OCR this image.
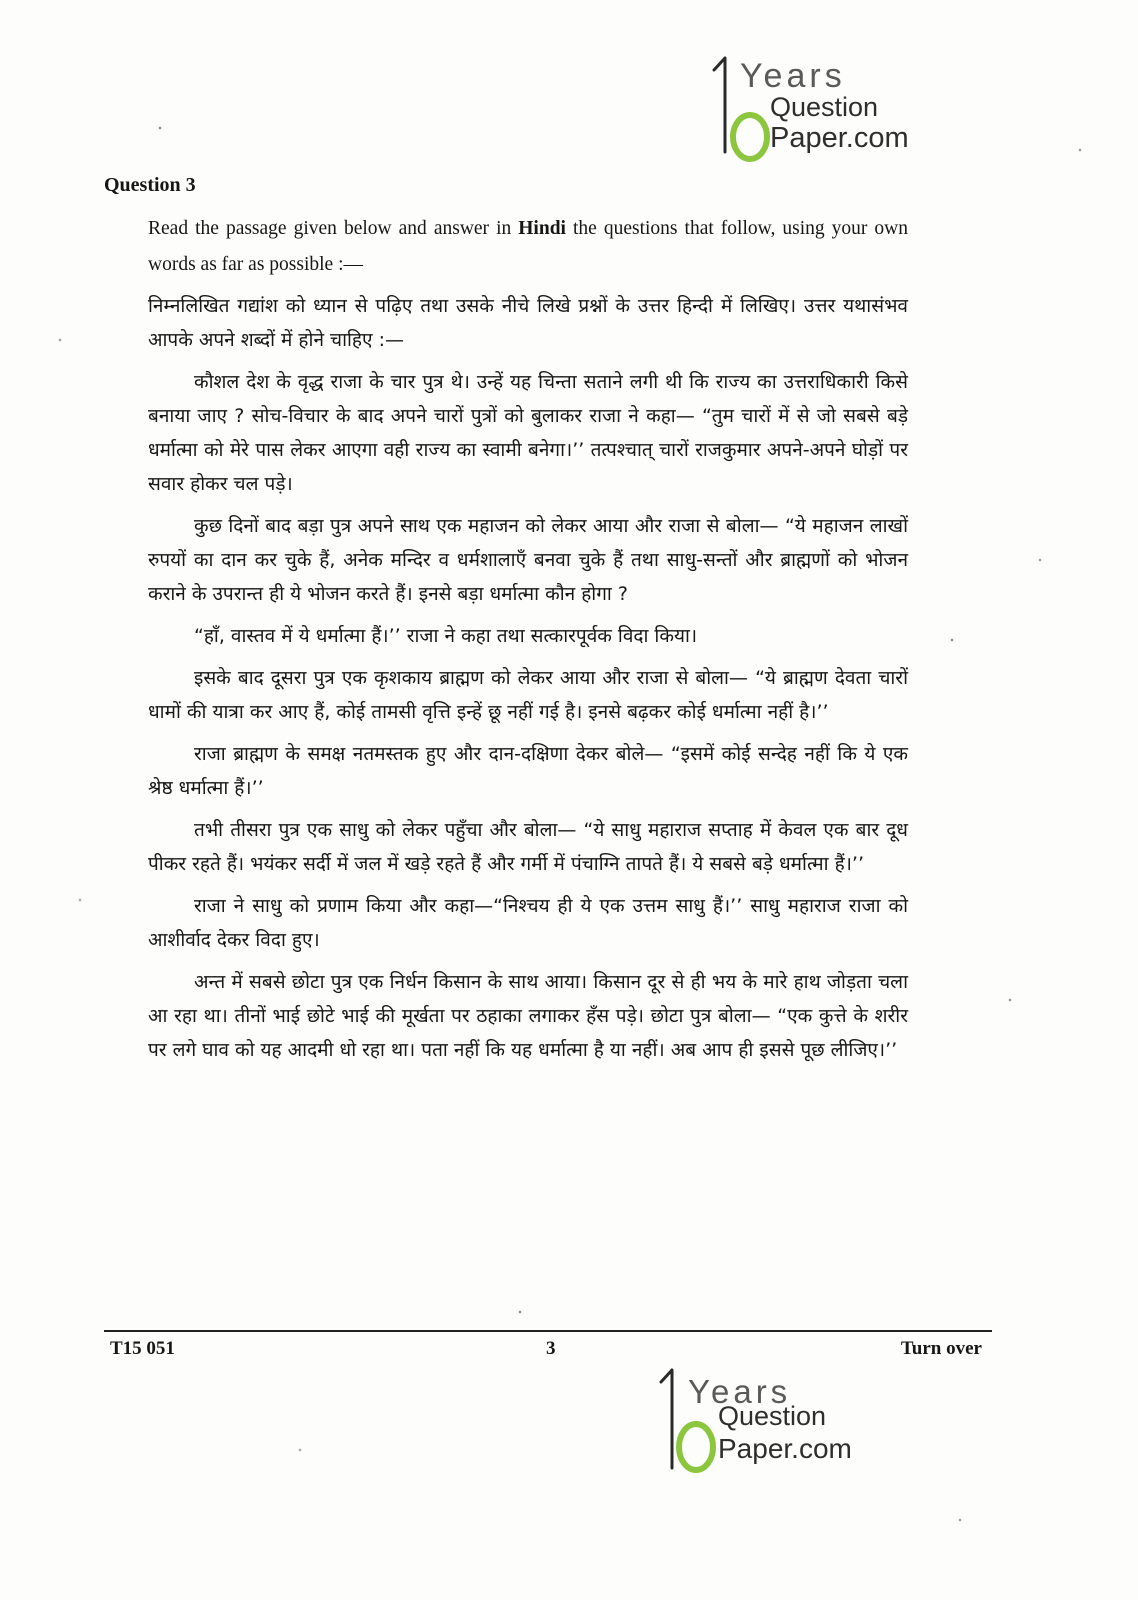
Years
Question
Paper.com
Question 3

Read the passage given below and answer in Hindi the questions that follow, using your own words as far as possible :—

निम्नलिखित गद्यांश को ध्यान से पढ़िए तथा उसके नीचे लिखे प्रश्नों के उत्तर हिन्दी में लिखिए। उत्तर यथासंभव आपके अपने शब्दों में होने चाहिए :—

कौशल देश के वृद्ध राजा के चार पुत्र थे। उन्हें यह चिन्ता सताने लगी थी कि राज्य का उत्तराधिकारी किसे बनाया जाए ? सोच-विचार के बाद अपने चारों पुत्रों को बुलाकर राजा ने कहा— “तुम चारों में से जो सबसे बड़े धर्मात्मा को मेरे पास लेकर आएगा वही राज्य का स्वामी बनेगा।’’ तत्पश्चात् चारों राजकुमार अपने-अपने घोड़ों पर सवार होकर चल पड़े।

कुछ दिनों बाद बड़ा पुत्र अपने साथ एक महाजन को लेकर आया और राजा से बोला— “ये महाजन लाखों रुपयों का दान कर चुके हैं, अनेक मन्दिर व धर्मशालाएँ बनवा चुके हैं तथा साधु-सन्तों और ब्राह्मणों को भोजन कराने के उपरान्त ही ये भोजन करते हैं। इनसे बड़ा धर्मात्मा कौन होगा ?

“हाँ, वास्तव में ये धर्मात्मा हैं।’’ राजा ने कहा तथा सत्कारपूर्वक विदा किया।

इसके बाद दूसरा पुत्र एक कृशकाय ब्राह्मण को लेकर आया और राजा से बोला— “ये ब्राह्मण देवता चारों धामों की यात्रा कर आए हैं, कोई तामसी वृत्ति इन्हें छू नहीं गई है। इनसे बढ़कर कोई धर्मात्मा नहीं है।’’

राजा ब्राह्मण के समक्ष नतमस्तक हुए और दान-दक्षिणा देकर बोले— “इसमें कोई सन्देह नहीं कि ये एक श्रेष्ठ धर्मात्मा हैं।’’

तभी तीसरा पुत्र एक साधु को लेकर पहुँचा और बोला— “ये साधु महाराज सप्ताह में केवल एक बार दूध पीकर रहते हैं। भयंकर सर्दी में जल में खड़े रहते हैं और गर्मी में पंचाग्नि तापते हैं। ये सबसे बड़े धर्मात्मा हैं।’’

राजा ने साधु को प्रणाम किया और कहा—“निश्चय ही ये एक उत्तम साधु हैं।’’ साधु महाराज राजा को आशीर्वाद देकर विदा हुए।

अन्त में सबसे छोटा पुत्र एक निर्धन किसान के साथ आया। किसान दूर से ही भय के मारे हाथ जोड़ता चला आ रहा था। तीनों भाई छोटे भाई की मूर्खता पर ठहाका लगाकर हँस पड़े। छोटा पुत्र बोला— “एक कुत्ते के शरीर पर लगे घाव को यह आदमी धो रहा था। पता नहीं कि यह धर्मात्मा है या नहीं। अब आप ही इससे पूछ लीजिए।’’

T15 051	3	Turn over
Years
Question
Paper.com
